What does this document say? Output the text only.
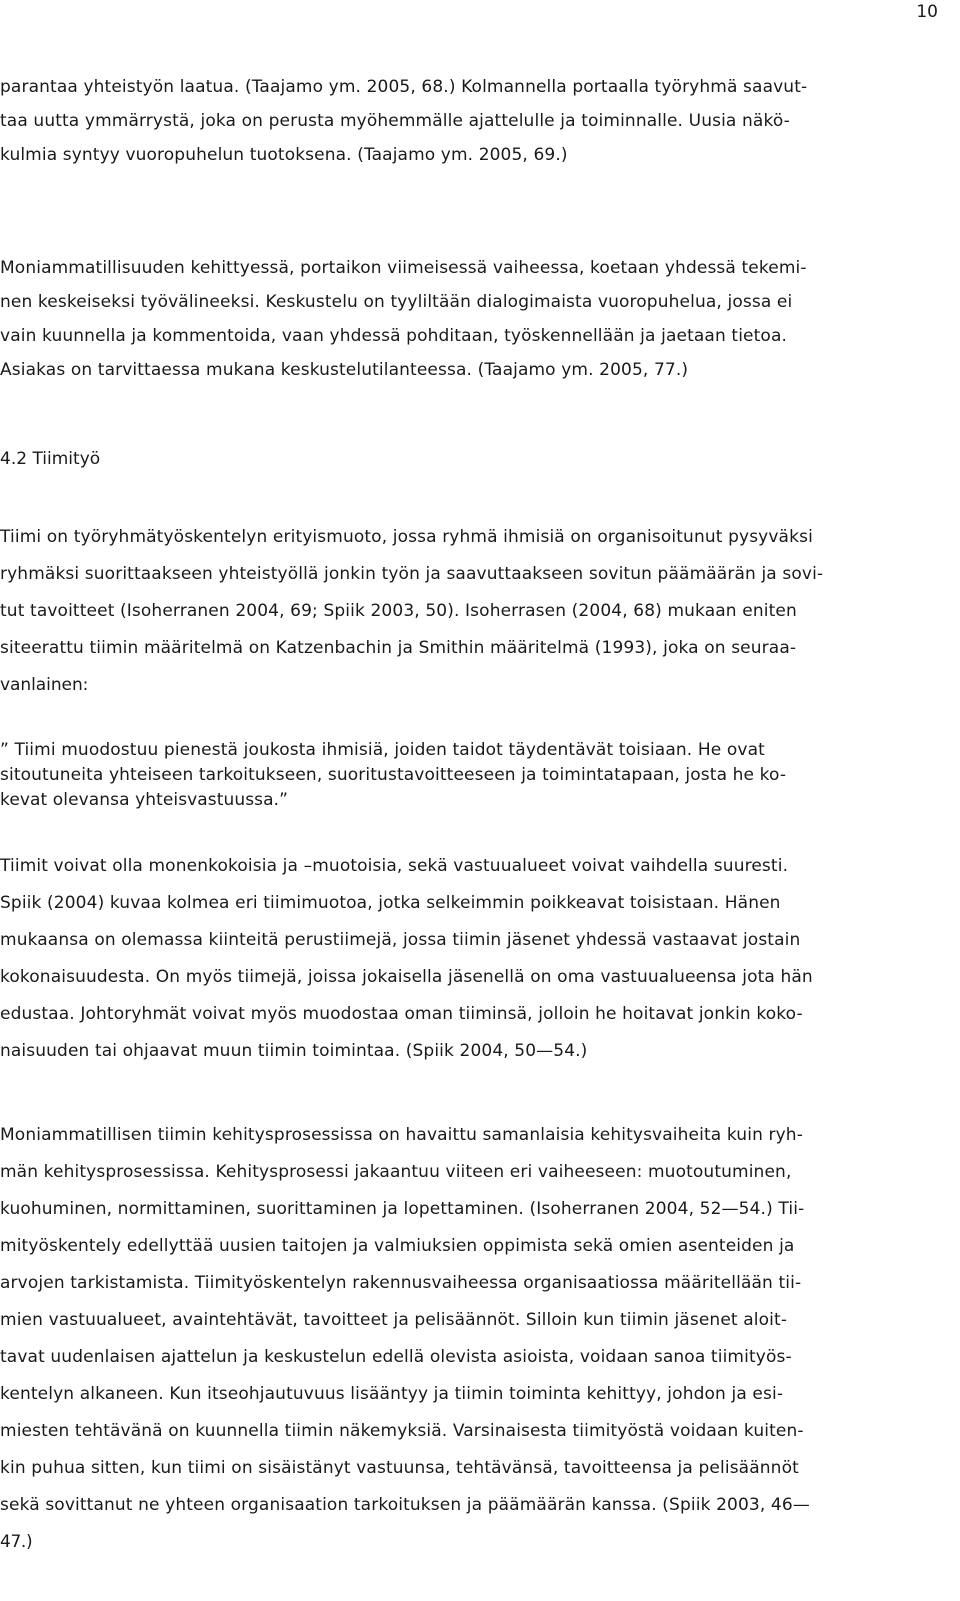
10
parantaa yhteistyön laatua. (Taajamo ym. 2005, 68.) Kolmannella portaalla työryhmä saavut-
taa uutta ymmärrystä, joka on perusta myöhemmälle ajattelulle ja toiminnalle. Uusia näkö-
kulmia syntyy vuoropuhelun tuotoksena. (Taajamo ym. 2005, 69.)
Moniammatillisuuden kehittyessä, portaikon viimeisessä vaiheessa, koetaan yhdessä tekemi-
nen keskeiseksi työvälineeksi. Keskustelu on tyyliltään dialogimaista vuoropuhelua, jossa ei
vain kuunnella ja kommentoida, vaan yhdessä pohditaan, työskennellään ja jaetaan tietoa.
Asiakas on tarvittaessa mukana keskustelutilanteessa. (Taajamo ym. 2005, 77.)
4.2 Tiimityö
Tiimi on työryhmätyöskentelyn erityismuoto, jossa ryhmä ihmisiä on organisoitunut pysyväksi
ryhmäksi suorittaakseen yhteistyöllä jonkin työn ja saavuttaakseen sovitun päämäärän ja sovi-
tut tavoitteet (Isoherranen 2004, 69; Spiik 2003, 50). Isoherrasen (2004, 68) mukaan eniten
siteerattu tiimin määritelmä on Katzenbachin ja Smithin määritelmä (1993), joka on seuraa-
vanlainen:
” Tiimi muodostuu pienestä joukosta ihmisiä, joiden taidot täydentävät toisiaan. He ovat
sitoutuneita yhteiseen tarkoitukseen, suoritustavoitteeseen ja toimintatapaan, josta he ko-
kevat olevansa yhteisvastuussa.”
Tiimit voivat olla monenkokoisia ja –muotoisia, sekä vastuualueet voivat vaihdella suuresti.
Spiik (2004) kuvaa kolmea eri tiimimuotoa, jotka selkeimmin poikkeavat toisistaan. Hänen
mukaansa on olemassa kiinteitä perustiimejä, jossa tiimin jäsenet yhdessä vastaavat jostain
kokonaisuudesta. On myös tiimejä, joissa jokaisella jäsenellä on oma vastuualueensa jota hän
edustaa. Johtoryhmät voivat myös muodostaa oman tiiminsä, jolloin he hoitavat jonkin koko-
naisuuden tai ohjaavat muun tiimin toimintaa. (Spiik 2004, 50—54.)
Moniammatillisen tiimin kehitysprosessissa on havaittu samanlaisia kehitysvaiheita kuin ryh-
män kehitysprosessissa. Kehitysprosessi jakaantuu viiteen eri vaiheeseen: muotoutuminen,
kuohuminen, normittaminen, suorittaminen ja lopettaminen. (Isoherranen 2004, 52—54.) Tii-
mityöskentely edellyttää uusien taitojen ja valmiuksien oppimista sekä omien asenteiden ja
arvojen tarkistamista. Tiimityöskentelyn rakennusvaiheessa organisaatiossa määritellään tii-
mien vastuualueet, avaintehtävät, tavoitteet ja pelisäännöt. Silloin kun tiimin jäsenet aloit-
tavat uudenlaisen ajattelun ja keskustelun edellä olevista asioista, voidaan sanoa tiimityös-
kentelyn alkaneen. Kun itseohjautuvuus lisääntyy ja tiimin toiminta kehittyy, johdon ja esi-
miesten tehtävänä on kuunnella tiimin näkemyksiä. Varsinaisesta tiimityöstä voidaan kuiten-
kin puhua sitten, kun tiimi on sisäistänyt vastuunsa, tehtävänsä, tavoitteensa ja pelisäännöt
sekä sovittanut ne yhteen organisaation tarkoituksen ja päämäärän kanssa. (Spiik 2003, 46—
47.)
